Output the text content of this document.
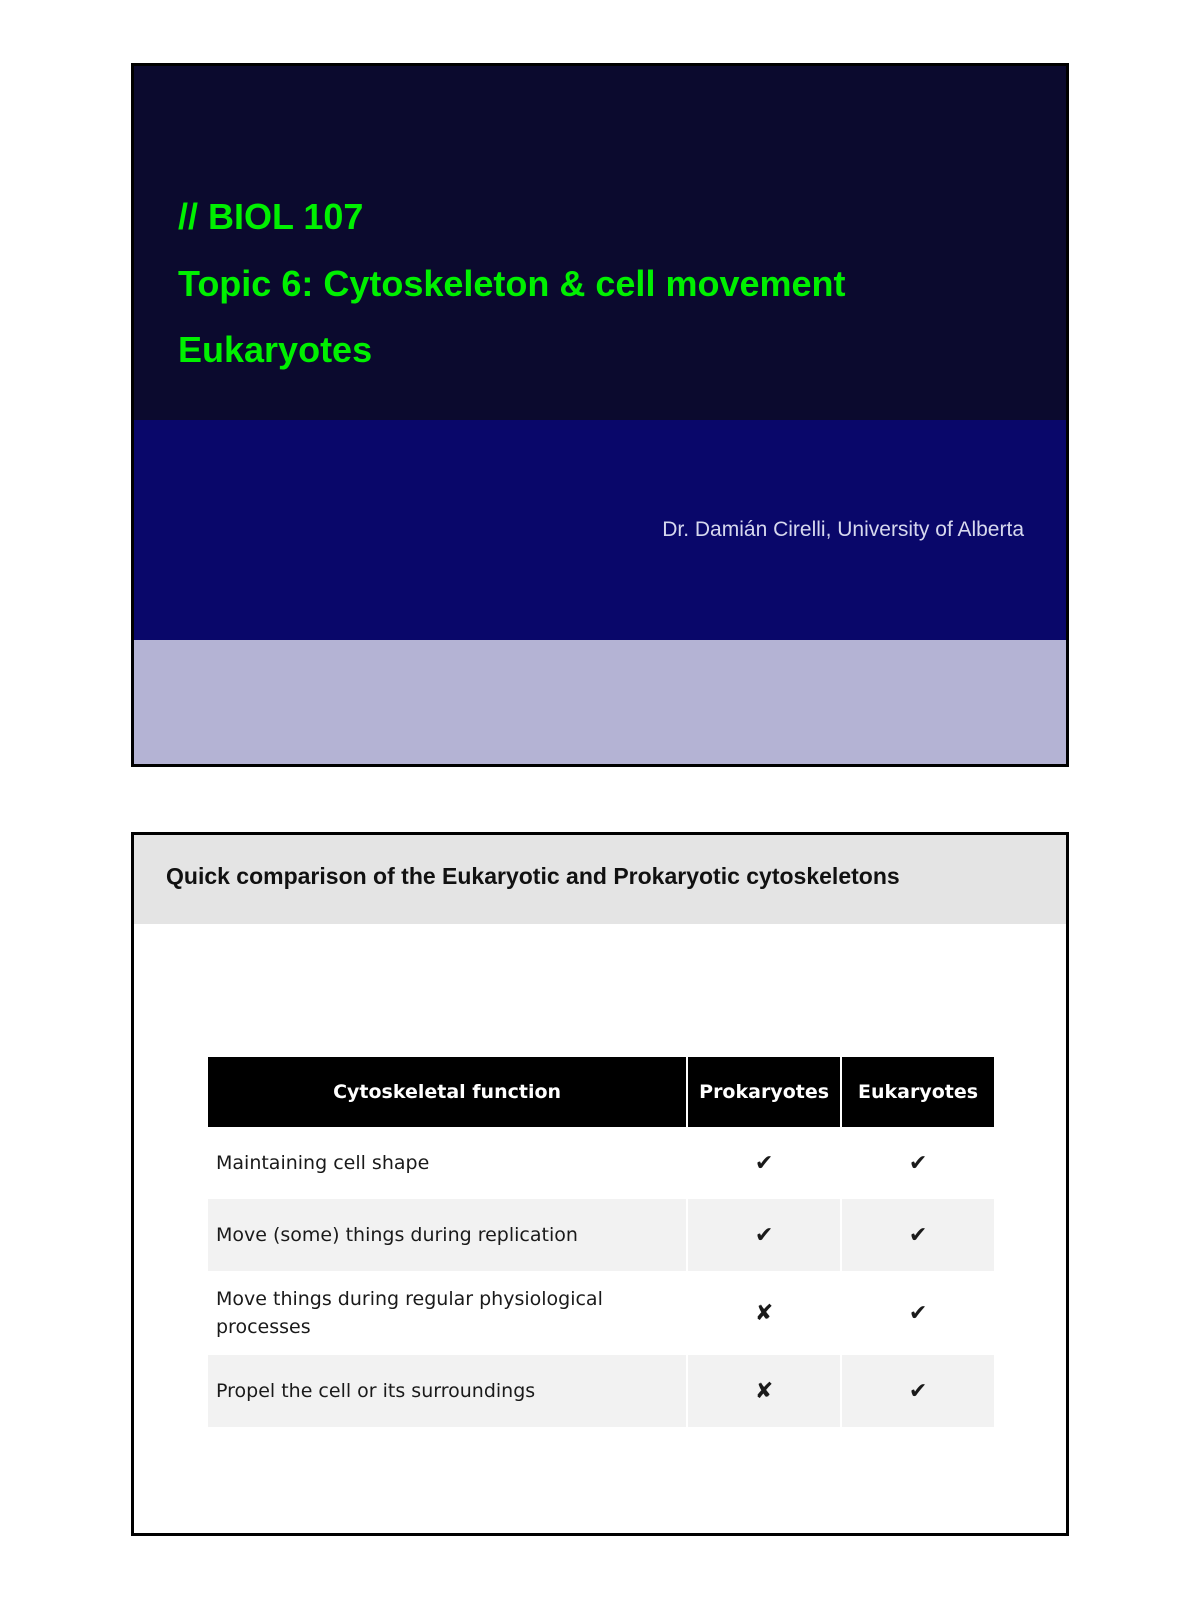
// BIOL 107
Topic 6: Cytoskeleton & cell movement
Eukaryotes
Dr. Damián Cirelli, University of Alberta
Quick comparison of the Eukaryotic and Prokaryotic cytoskeletons
Cytoskeletal function	Prokaryotes	Eukaryotes
Maintaining cell shape	✔	✔
Move (some) things during replication	✔	✔
Move things during regular physiological processes	✘	✔
Propel the cell or its surroundings	✘	✔
